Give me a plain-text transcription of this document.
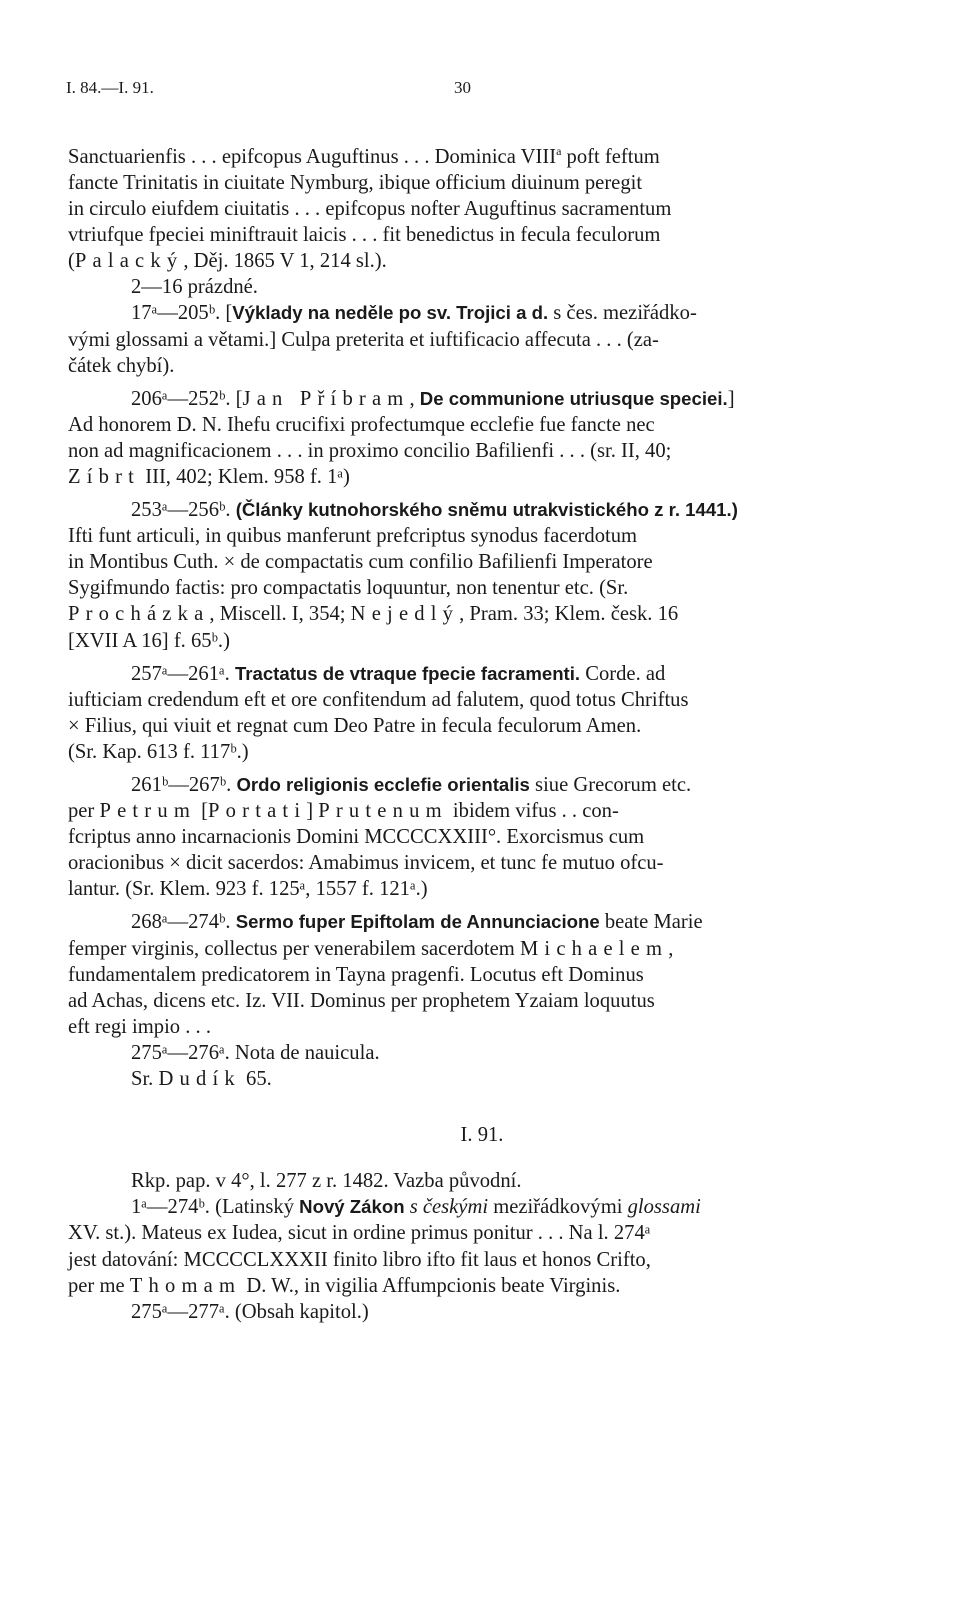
I. 84.—I. 91.	30

Sanctuarienfis . . . epifcopus Auguftinus . . . Dominica VIII$^a$ poft feftum

fancte Trinitatis in ciuitate Nymburg, ibique officium diuinum peregit

in circulo eiufdem ciuitatis . . . epifcopus nofter Auguftinus sacramentum

vtriufque fpeciei miniftrauit laicis . . . fit benedictus in fecula feculorum

(Palacký, Děj. 1865 V 1, 214 sl.).

2—16 prázdné.

17ᵃ—205ᵇ. [Výklady na neděle po sv. Trojici a d. s čes. meziřádko-

vými glossami a větami.] Culpa preterita et iuftificacio affecuta . . . (za-

čátek chybí).

206ᵃ—252ᵇ. [Jan Příbram, De communione utriusque speciei.]

Ad honorem D. N. Ihefu crucifixi profectumque ecclefie fue fancte nec

non ad magnificacionem . . . in proximo concilio Bafilienfi . . . (sr. II, 40;

Zíbrt III, 402; Klem. 958 f. 1ᵃ)

253ᵃ—256ᵇ. (Články kutnohorského sněmu utrakvistického z r. 1441.)

Ifti funt articuli, in quibus manferunt prefcriptus synodus facerdotum

in Montibus Cuth. × de compactatis cum confilio Bafilienfi Imperatore

Sygifmundo factis: pro compactatis loquuntur, non tenentur etc. (Sr.

Procházka, Miscell. I, 354; Nejedlý, Pram. 33; Klem. česk. 16

[XVII A 16] f. 65ᵇ.)

257ᵃ—261ᵃ. Tractatus de vtraque fpecie facramenti. Corde. ad

iufticiam credendum eft et ore confitendum ad falutem, quod totus Chriftus

× Filius, qui viuit et regnat cum Deo Patre in fecula feculorum Amen.

(Sr. Kap. 613 f. 117ᵇ.)

261ᵇ—267ᵇ. Ordo religionis ecclefie orientalis siue Grecorum etc.

per Petrum [Portati] Prutenum ibidem vifus . . con-

fcriptus anno incarnacionis Domini MCCCCXXIII°. Exorcismus cum

oracionibus × dicit sacerdos: Amabimus invicem, et tunc fe mutuo ofcu-

lantur. (Sr. Klem. 923 f. 125ᵃ, 1557 f. 121ᵃ.)

268ᵃ—274ᵇ. Sermo fuper Epiftolam de Annunciacione beate Marie

femper virginis, collectus per venerabilem sacerdotem Michaelem,

fundamentalem predicatorem in Tayna pragenfi. Locutus eft Dominus

ad Achas, dicens etc. Iz. VII. Dominus per prophetem Yzaiam loquutus

eft regi impio . . .

275ᵃ—276ᵃ. Nota de nauicula.

Sr. Dudík 65.

I. 91.

Rkp. pap. v 4°, l. 277 z r. 1482. Vazba původní.

1ᵃ—274ᵇ. (Latinský Nový Zákon s českými meziřádkovými glossami

XV. st.). Mateus ex Iudea, sicut in ordine primus ponitur . . . Na l. 274ᵃ

jest datování: MCCCCLXXXII finito libro ifto fit laus et honos Crifto,

per me Thomam D. W., in vigilia Affumpcionis beate Virginis.

275ᵃ—277ᵃ. (Obsah kapitol.)
